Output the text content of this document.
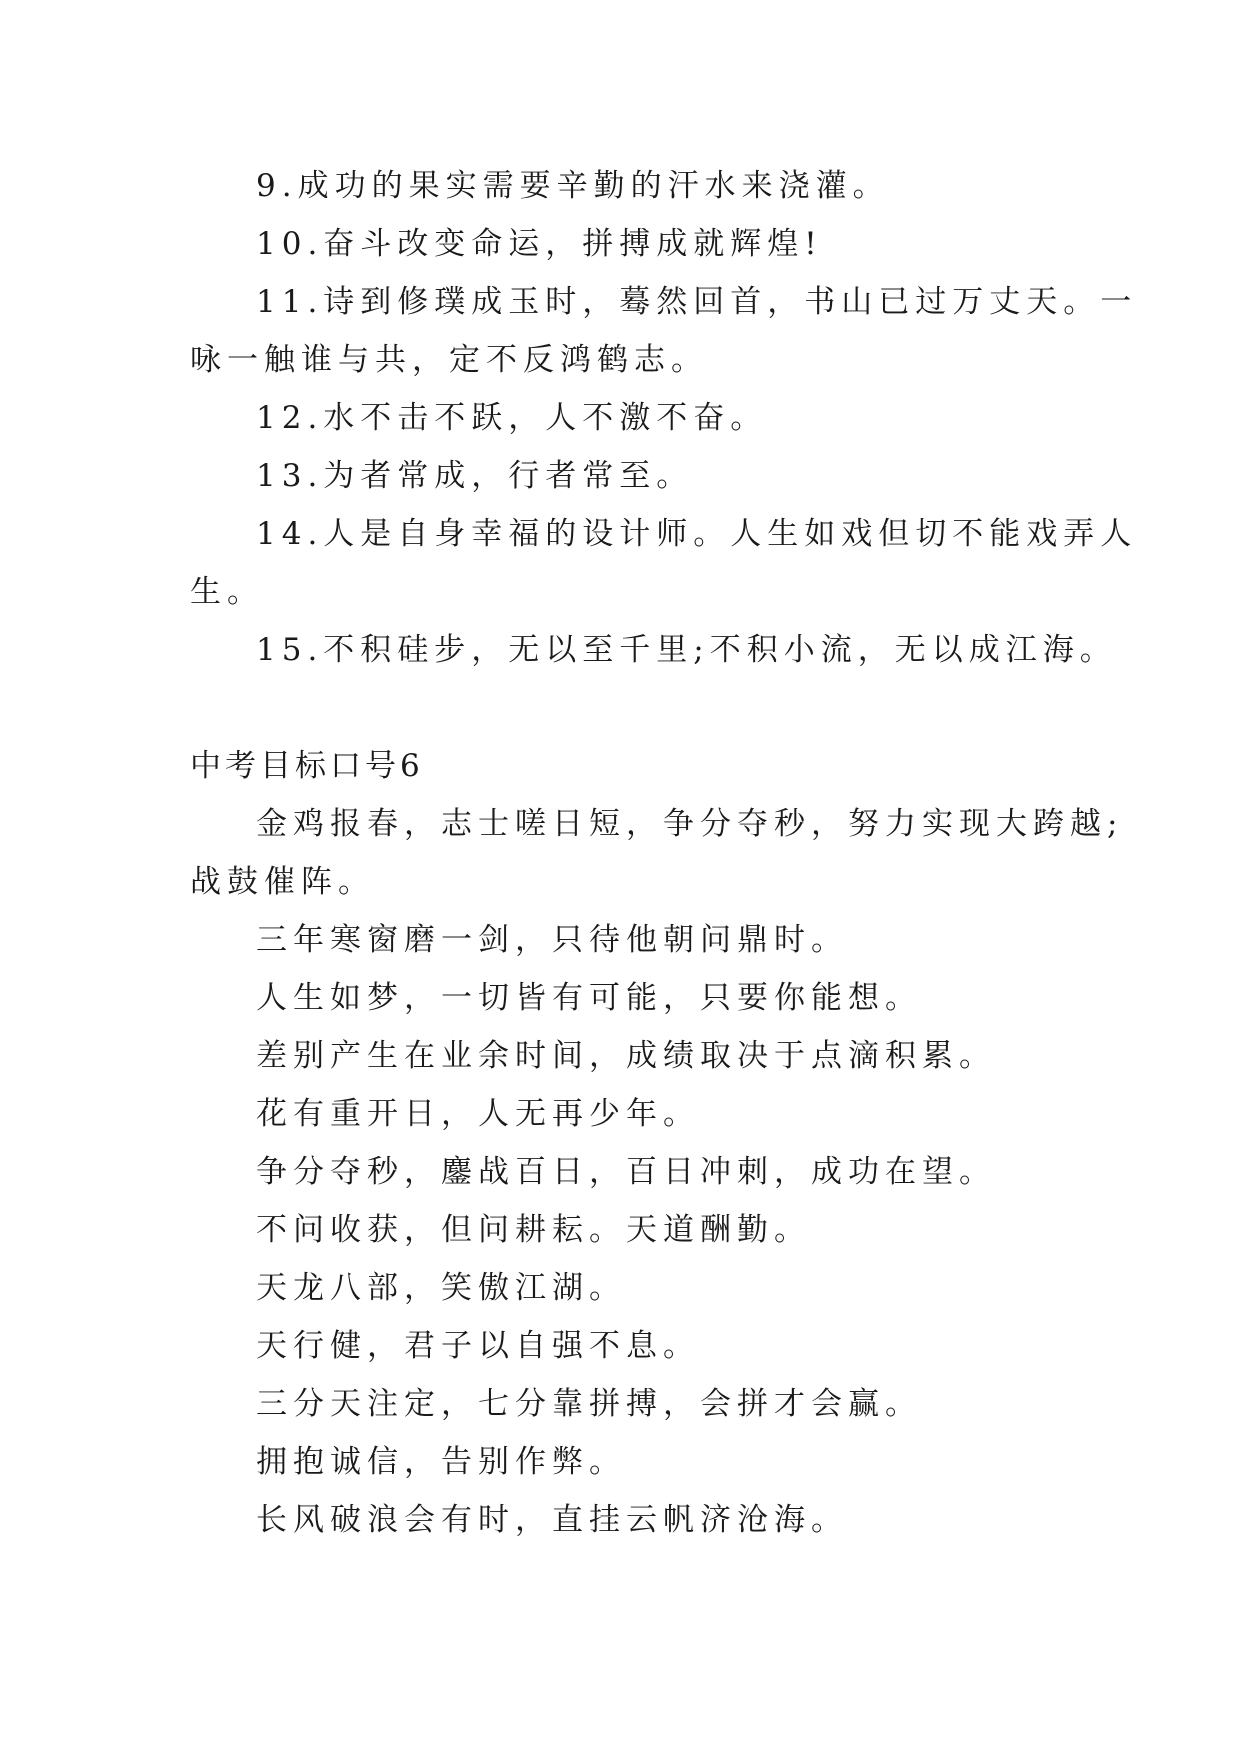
9.成功的果实需要辛勤的汗水来浇灌。

10.奋斗改变命运，拼搏成就辉煌!

11.诗到修璞成玉时，蓦然回首，书山已过万丈天。一

咏一触谁与共，定不反鸿鹤志。

12.水不击不跃，人不激不奋。

13.为者常成，行者常至。

14.人是自身幸福的设计师。人生如戏但切不能戏弄人

生。

15.不积硅步，无以至千里;不积小流，无以成江海。

中考目标口号6

金鸡报春，志士嗟日短，争分夺秒，努力实现大跨越;

战鼓催阵。

三年寒窗磨一剑，只待他朝问鼎时。

人生如梦，一切皆有可能，只要你能想。

差别产生在业余时间，成绩取决于点滴积累。

花有重开日，人无再少年。

争分夺秒，鏖战百日，百日冲刺，成功在望。

不问收获，但问耕耘。天道酬勤。

天龙八部，笑傲江湖。

天行健，君子以自强不息。

三分天注定，七分靠拼搏，会拼才会赢。

拥抱诚信，告别作弊。

长风破浪会有时，直挂云帆济沧海。
